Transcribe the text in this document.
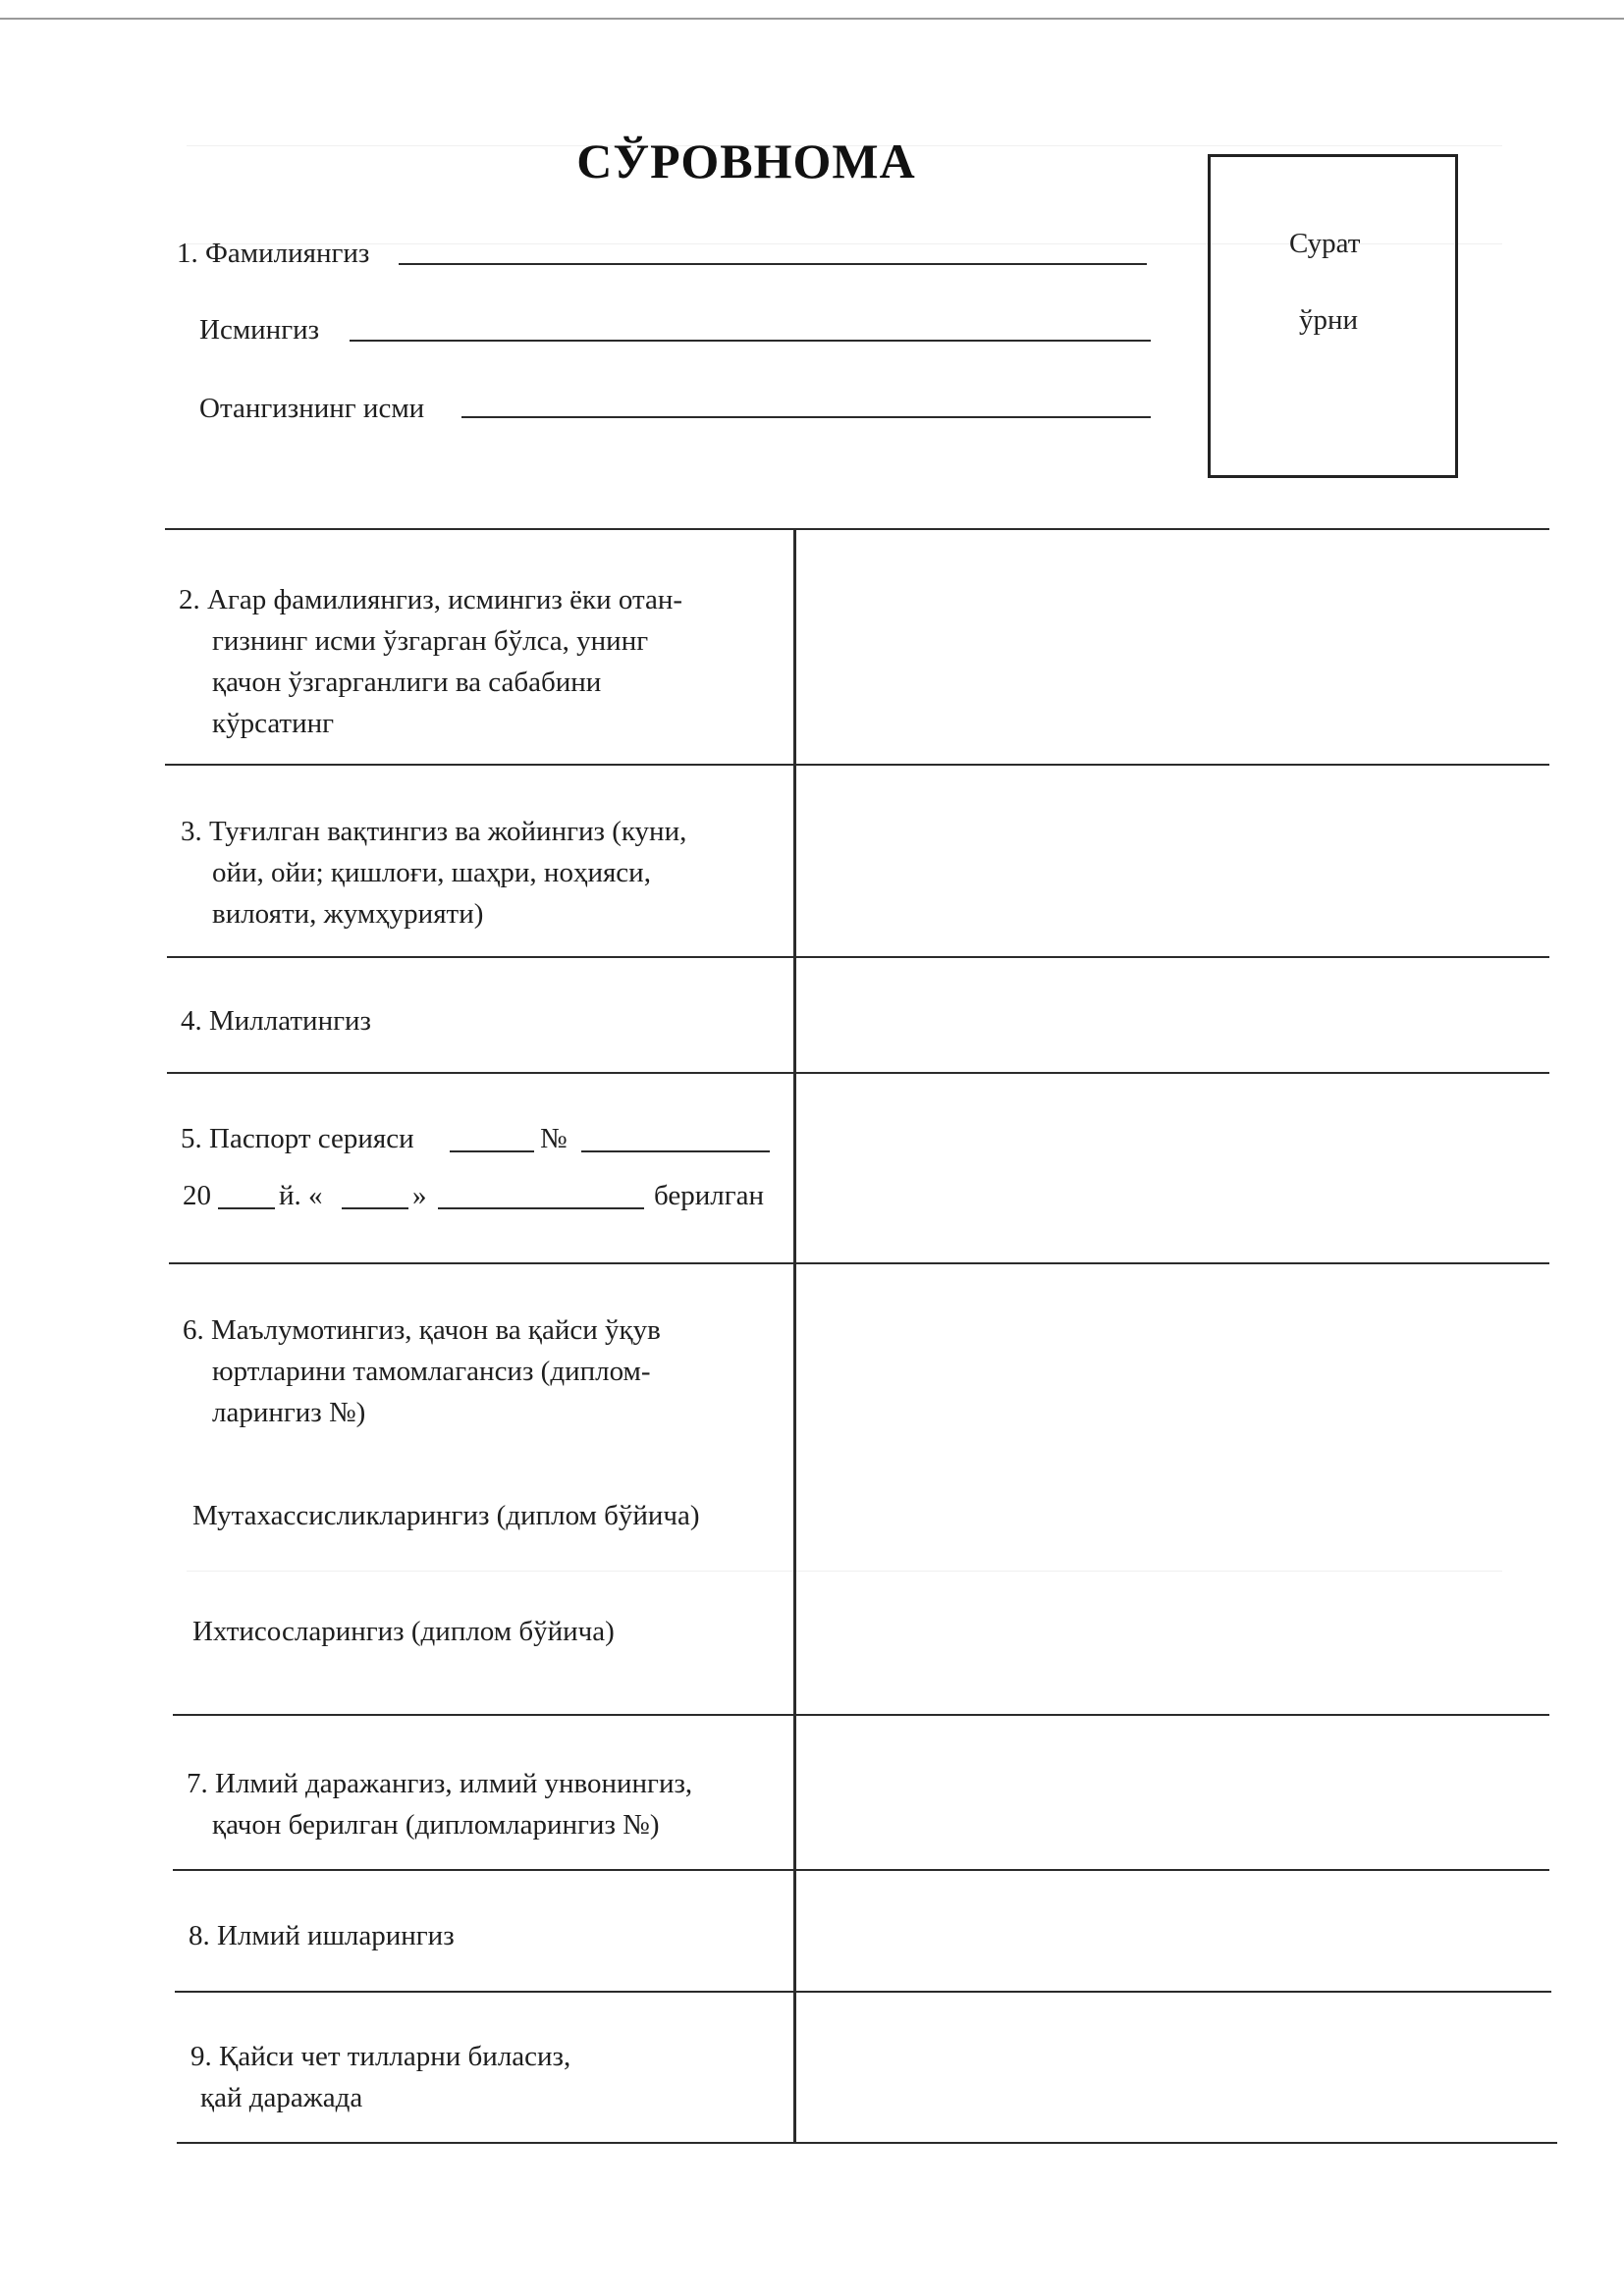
СЎРОВНОМА
Сурат
ўрни
1. Фамилиянгиз
Исмингиз
Отангизнинг исми
2. Агар фамилиянгиз, исмингиз ёки отан-
гизнинг исми ўзгарган бўлса, унинг
қачон ўзгарганлиги ва сабабини
кўрсатинг
3. Туғилган вақтингиз ва жойингиз (куни,
ойи, ойи; қишлоғи, шаҳри, ноҳияси,
вилояти, жумҳурияти)
4. Миллатингиз
5. Паспорт серияси	№
20 й. «	»	берилган
6. Маълумотингиз, қачон ва қайси ўқув
юртларини тамомлагансиз (диплом-
ларингиз №)
Мутахассисликларингиз (диплом бўйича)
Ихтисосларингиз (диплом бўйича)
7. Илмий даражангиз, илмий унвонингиз,
қачон берилган (дипломларингиз №)
8. Илмий ишларингиз
9. Қайси чет тилларни биласиз,
қай даражада
